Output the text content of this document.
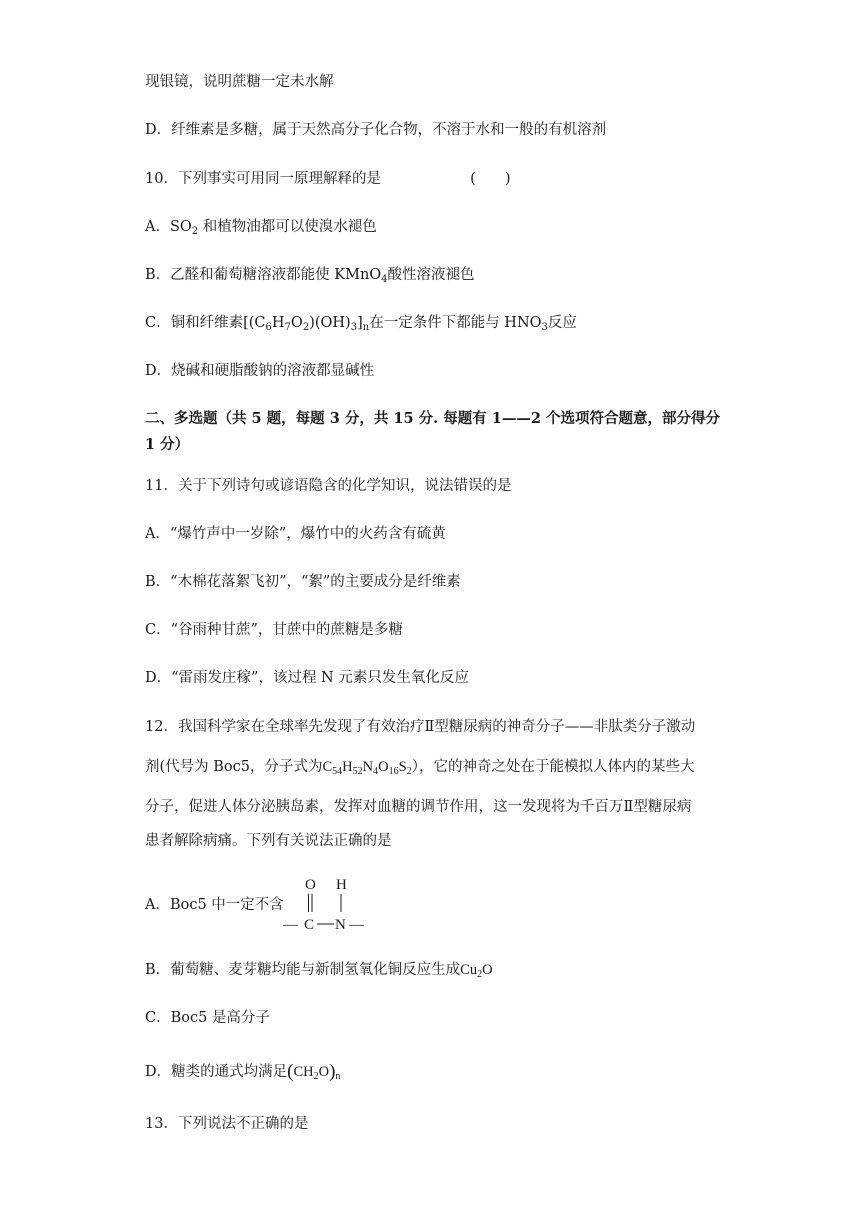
现银镜，说明蔗糖一定未水解
D．纤维素是多糖，属于天然高分子化合物，不溶于水和一般的有机溶剂
10．下列事实可用同一原理解释的是	(　　)
A．$SO_2$ 和植物油都可以使溴水褪色
B．乙醛和葡萄糖溶液都能使 KMnO$_4$酸性溶液褪色
C．铜和纤维素$[(C_6H_7O_2)(OH)_3]_n$在一定条件下都能与 $HNO_3$反应
D．烧碱和硬脂酸钠的溶液都显碱性
二、多选题（共 5 题，每题 3 分，共 15 分. 每题有 1——2 个选项符合题意，部分得分 1 分）
11．关于下列诗句或谚语隐含的化学知识，说法错误的是
A．“爆竹声中一岁除”，爆竹中的火药含有硫黄
B．“木棉花落絮飞初”，“絮”的主要成分是纤维素
C．“谷雨种甘蔗”，甘蔗中的蔗糖是多糖
D．“雷雨发庄稼”，该过程 N 元素只发生氧化反应
12．我国科学家在全球率先发现了有效治疗Ⅱ型糖尿病的神奇分子——非肽类分子激动
剂(代号为 Boc5，分子式为$C_{54}H_{52}N_4O_{16}S_2$），它的神奇之处在于能模拟人体内的某些大
分子，促进人体分泌胰岛素，发挥对血糖的调节作用，这一发现将为千百万Ⅱ型糖尿病
患者解除病痛。下列有关说法正确的是
A．Boc5 中一定不含
O H
— C N —
B．葡萄糖、麦芽糖均能与新制氢氧化铜反应生成$Cu_2O$
C．Boc5 是高分子
D．糖类的通式均满足$(CH_2O)_n$
13．下列说法不正确的是
